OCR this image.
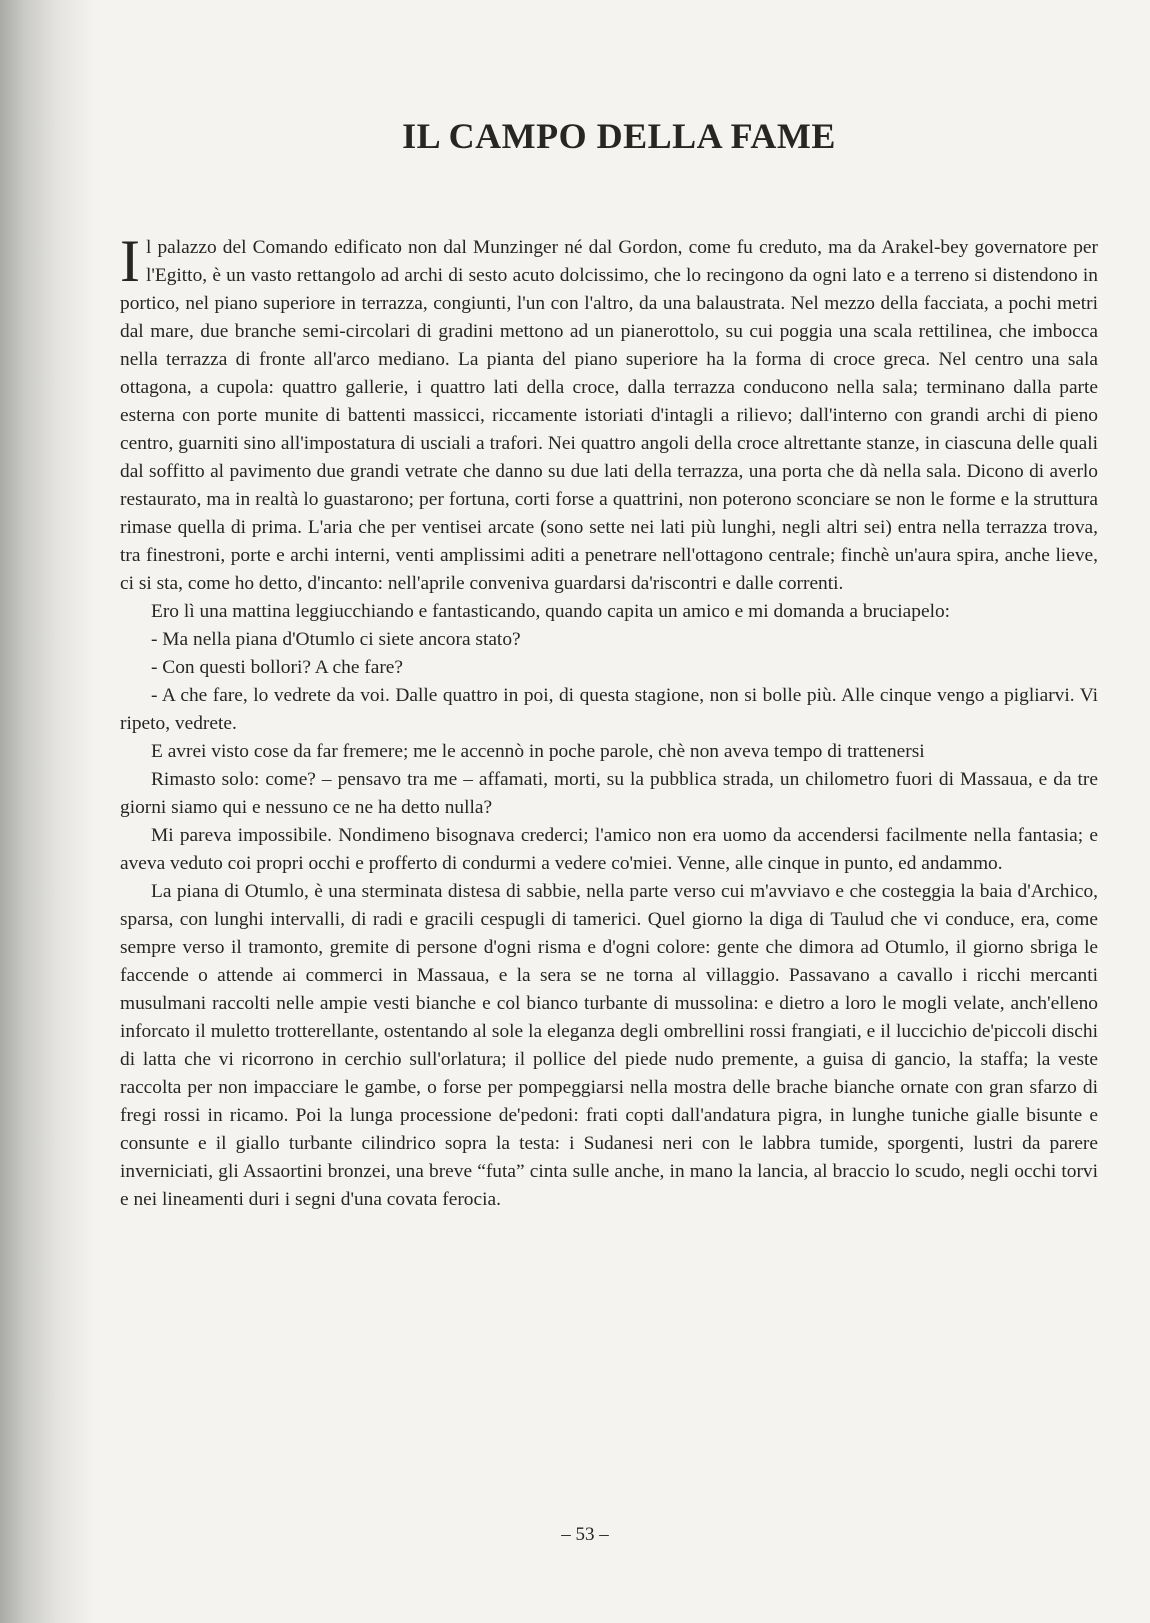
IL CAMPO DELLA FAME

Il palazzo del Comando edificato non dal Munzinger né dal Gordon, come fu creduto, ma da Arakel-bey governatore per l'Egitto, è un vasto rettangolo ad archi di sesto acuto dolcissimo, che lo recingono da ogni lato e a terreno si distendono in portico, nel piano superiore in terrazza, congiunti, l'un con l'altro, da una balaustrata. Nel mezzo della facciata, a pochi metri dal mare, due branche semi-circolari di gradini mettono ad un pianerottolo, su cui poggia una scala rettilinea, che imbocca nella terrazza di fronte all'arco mediano. La pianta del piano superiore ha la forma di croce greca. Nel centro una sala ottagona, a cupola: quattro gallerie, i quattro lati della croce, dalla terrazza conducono nella sala; terminano dalla parte esterna con porte munite di battenti massicci, riccamente istoriati d'intagli a rilievo; dall'interno con grandi archi di pieno centro, guarniti sino all'impostatura di usciali a trafori. Nei quattro angoli della croce altrettante stanze, in ciascuna delle quali dal soffitto al pavimento due grandi vetrate che danno su due lati della terrazza, una porta che dà nella sala. Dicono di averlo restaurato, ma in realtà lo guastarono; per fortuna, corti forse a quattrini, non poterono sconciare se non le forme e la struttura rimase quella di prima. L'aria che per ventisei arcate (sono sette nei lati più lunghi, negli altri sei) entra nella terrazza trova, tra finestroni, porte e archi interni, venti amplissimi aditi a penetrare nell'ottagono centrale; finchè un'aura spira, anche lieve, ci si sta, come ho detto, d'incanto: nell'aprile conveniva guardarsi da'riscontri e dalle correnti.

Ero lì una mattina leggiucchiando e fantasticando, quando capita un amico e mi domanda a bruciapelo:

- Ma nella piana d'Otumlo ci siete ancora stato?

- Con questi bollori? A che fare?

- A che fare, lo vedrete da voi. Dalle quattro in poi, di questa stagione, non si bolle più. Alle cinque vengo a pigliarvi. Vi ripeto, vedrete.

E avrei visto cose da far fremere; me le accennò in poche parole, chè non aveva tempo di trattenersi

Rimasto solo: come? – pensavo tra me – affamati, morti, su la pubblica strada, un chilometro fuori di Massaua, e da tre giorni siamo qui e nessuno ce ne ha detto nulla?

Mi pareva impossibile. Nondimeno bisognava crederci; l'amico non era uomo da accendersi facilmente nella fantasia; e aveva veduto coi propri occhi e profferto di condurmi a vedere co'miei. Venne, alle cinque in punto, ed andammo.

La piana di Otumlo, è una sterminata distesa di sabbie, nella parte verso cui m'avviavo e che costeggia la baia d'Archico, sparsa, con lunghi intervalli, di radi e gracili cespugli di tamerici. Quel giorno la diga di Taulud che vi conduce, era, come sempre verso il tramonto, gremite di persone d'ogni risma e d'ogni colore: gente che dimora ad Otumlo, il giorno sbriga le faccende o attende ai commerci in Massaua, e la sera se ne torna al villaggio. Passavano a cavallo i ricchi mercanti musulmani raccolti nelle ampie vesti bianche e col bianco turbante di mussolina: e dietro a loro le mogli velate, anch'elleno inforcato il muletto trotterellante, ostentando al sole la eleganza degli ombrellini rossi frangiati, e il luccichio de'piccoli dischi di latta che vi ricorrono in cerchio sull'orlatura; il pollice del piede nudo premente, a guisa di gancio, la staffa; la veste raccolta per non impacciare le gambe, o forse per pompeggiarsi nella mostra delle brache bianche ornate con gran sfarzo di fregi rossi in ricamo. Poi la lunga processione de'pedoni: frati copti dall'andatura pigra, in lunghe tuniche gialle bisunte e consunte e il giallo turbante cilindrico sopra la testa: i Sudanesi neri con le labbra tumide, sporgenti, lustri da parere inverniciati, gli Assaortini bronzei, una breve “futa” cinta sulle anche, in mano la lancia, al braccio lo scudo, negli occhi torvi e nei lineamenti duri i segni d'una covata ferocia.

– 53 –
